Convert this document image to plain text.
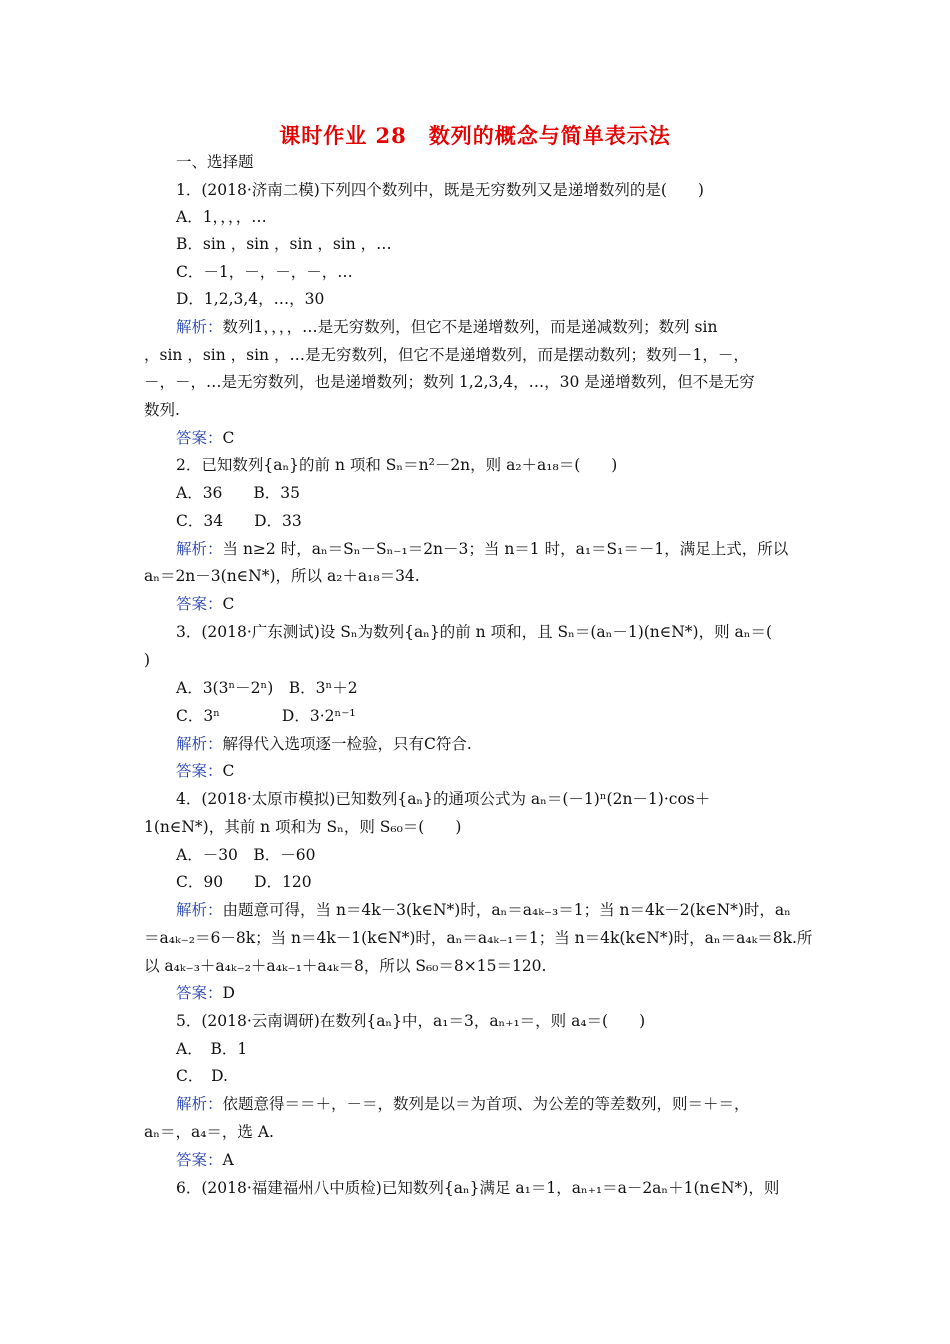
课时作业 28　数列的概念与简单表示法
一、选择题
1．(2018·济南二模)下列四个数列中，既是无穷数列又是递增数列的是(　　)
A．1，，，，…
B．sin ，sin ，sin ，sin ，…
C．－1，－，－，－，…
D．1,2,3,4，…，30
解析：数列1，，，，…是无穷数列，但它不是递增数列，而是递减数列；数列 sin
，sin ，sin ，sin ，…是无穷数列，但它不是递增数列，而是摆动数列；数列－1，－，
－，－，…是无穷数列，也是递增数列；数列 1,2,3,4，…，30 是递增数列，但不是无穷
数列.
答案：C
2．已知数列{aₙ}的前 n 项和 Sₙ＝n²－2n，则 a₂＋a₁₈＝(　　)
A．36　　B．35
C．34　　D．33
解析：当 n≥2 时，aₙ＝Sₙ－Sₙ₋₁＝2n－3；当 n＝1 时，a₁＝S₁＝－1，满足上式，所以
aₙ＝2n－3(n∈N*)，所以 a₂＋a₁₈＝34.
答案：C
3．(2018·广东测试)设 Sₙ为数列{aₙ}的前 n 项和，且 Sₙ＝(aₙ－1)(n∈N*)，则 aₙ＝(
)
A．3(3ⁿ－2ⁿ)　B．3ⁿ＋2
C．3ⁿ　　　　D．3·2ⁿ⁻¹
解析：解得代入选项逐一检验，只有C符合.
答案：C
4．(2018·太原市模拟)已知数列{aₙ}的通项公式为 aₙ＝(－1)ⁿ(2n－1)·cos＋
1(n∈N*)，其前 n 项和为 Sₙ，则 S₆₀＝(　　)
A．－30　B．－60
C．90　　D．120
解析：由题意可得，当 n＝4k－3(k∈N*)时，aₙ＝a₄ₖ₋₃＝1；当 n＝4k－2(k∈N*)时，aₙ
＝a₄ₖ₋₂＝6－8k；当 n＝4k－1(k∈N*)时，aₙ＝a₄ₖ₋₁＝1；当 n＝4k(k∈N*)时，aₙ＝a₄ₖ＝8k.所
以 a₄ₖ₋₃＋a₄ₖ₋₂＋a₄ₖ₋₁＋a₄ₖ＝8，所以 S₆₀＝8×15＝120.
答案：D
5．(2018·云南调研)在数列{aₙ}中，a₁＝3，aₙ₊₁＝，则 a₄＝(　　)
A．　B．1
C．　D.
解析：依题意得＝＝＋，－＝，数列是以＝为首项、为公差的等差数列，则＝＋＝，
aₙ＝，a₄＝，选 A.
答案：A
6．(2018·福建福州八中质检)已知数列{aₙ}满足 a₁＝1，aₙ₊₁＝a－2aₙ＋1(n∈N*)，则
